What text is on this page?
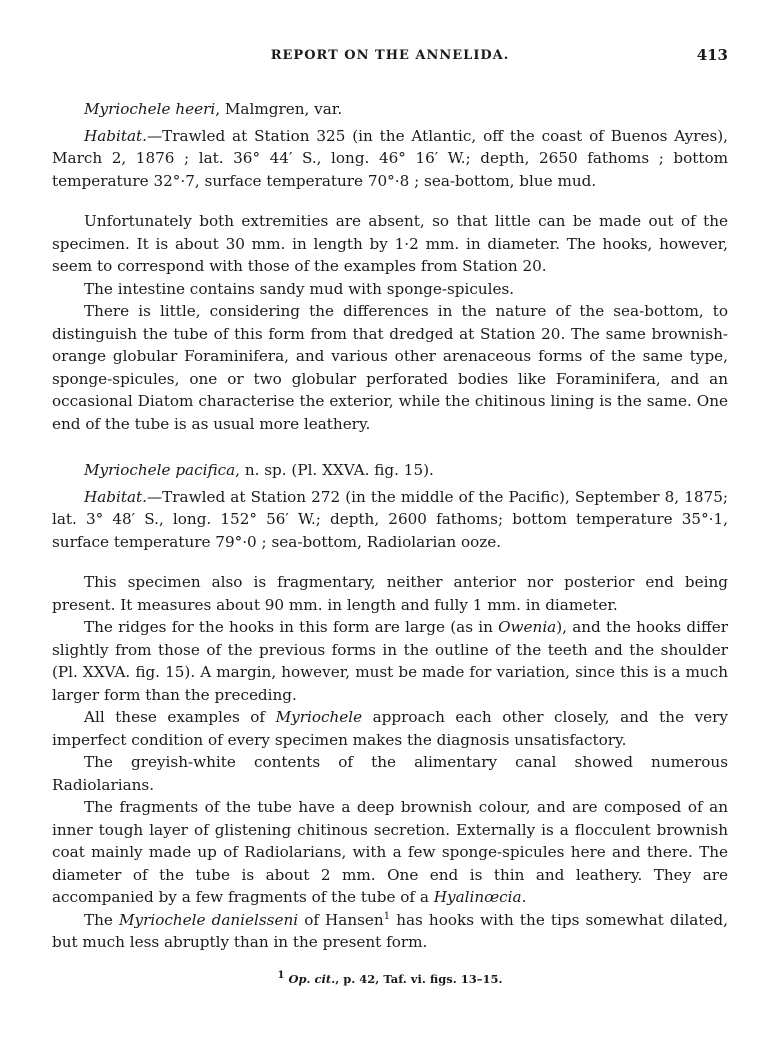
REPORT ON THE ANNELIDA.	413
Myriochele heeri, Malmgren, var.

Habitat.—Trawled at Station 325 (in the Atlantic, off the coast of Buenos Ayres), March 2, 1876 ; lat. 36° 44′ S., long. 46° 16′ W.; depth, 2650 fathoms ; bottom temperature 32°·7, surface temperature 70°·8 ; sea-bottom, blue mud.

Unfortunately both extremities are absent, so that little can be made out of the specimen. It is about 30 mm. in length by 1·2 mm. in diameter. The hooks, however, seem to correspond with those of the examples from Station 20.

The intestine contains sandy mud with sponge-spicules.

There is little, considering the differences in the nature of the sea-bottom, to distinguish the tube of this form from that dredged at Station 20. The same brownish-orange globular Foraminifera, and various other arenaceous forms of the same type, sponge-spicules, one or two globular perforated bodies like Foraminifera, and an occasional Diatom characterise the exterior, while the chitinous lining is the same. One end of the tube is as usual more leathery.

Myriochele pacifica, n. sp. (Pl. XXVA. fig. 15).

Habitat.—Trawled at Station 272 (in the middle of the Pacific), September 8, 1875; lat. 3° 48′ S., long. 152° 56′ W.; depth, 2600 fathoms; bottom temperature 35°·1, surface temperature 79°·0 ; sea-bottom, Radiolarian ooze.

This specimen also is fragmentary, neither anterior nor posterior end being present. It measures about 90 mm. in length and fully 1 mm. in diameter.

The ridges for the hooks in this form are large (as in Owenia), and the hooks differ slightly from those of the previous forms in the outline of the teeth and the shoulder (Pl. XXVA. fig. 15). A margin, however, must be made for variation, since this is a much larger form than the preceding.

All these examples of Myriochele approach each other closely, and the very imperfect condition of every specimen makes the diagnosis unsatisfactory.

The greyish-white contents of the alimentary canal showed numerous Radiolarians.

The fragments of the tube have a deep brownish colour, and are composed of an inner tough layer of glistening chitinous secretion. Externally is a flocculent brownish coat mainly made up of Radiolarians, with a few sponge-spicules here and there. The diameter of the tube is about 2 mm. One end is thin and leathery. They are accompanied by a few fragments of the tube of a Hyalinœcia.

The Myriochele danielsseni of Hansen$^1$ has hooks with the tips somewhat dilated, but much less abruptly than in the present form.

$^1$ Op. cit., p. 42, Taf. vi. figs. 13–15.
